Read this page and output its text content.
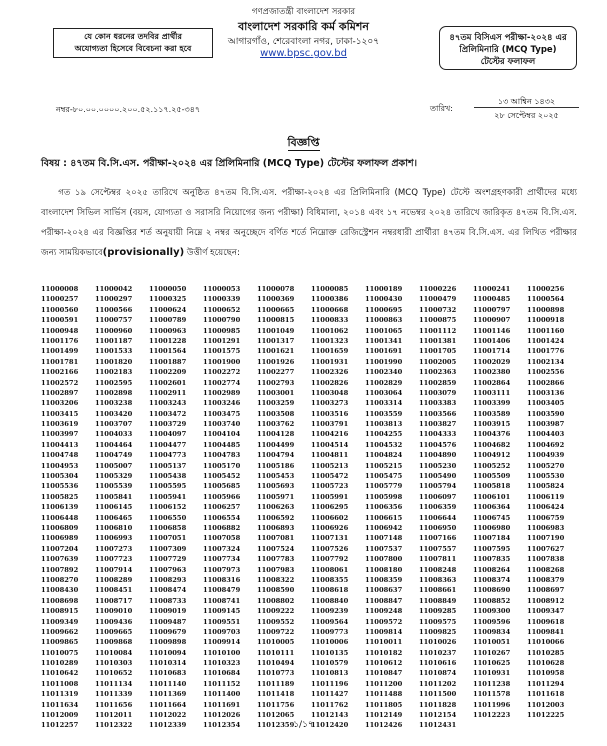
গণপ্রজাতন্ত্রী বাংলাদেশ সরকার
বাংলাদেশ সরকারি কর্ম কমিশন
আগারগাঁও, শেরেবাংলা নগর, ঢাকা-১২০৭
www.bpsc.gov.bd
যে কোন ধরনের তদবির প্রার্থীর
অযোগ্যতা হিসেবে বিবেচনা করা হবে
৪৭তম বিসিএস পরীক্ষা-২০২৪ এর
প্রিলিমিনারি (MCQ Type)
টেস্টের ফলাফল
নম্বর-৮০.০০.০০০০.২০০.৫২.১১৭.২৫-৩৪৭	তারিখ:
১৩ আশ্বিন ১৪৩২
২৮ সেপ্টেম্বর ২০২৫
বিজ্ঞপ্তি
বিষয় : ৪৭তম বি.সি.এস. পরীক্ষা-২০২৪ এর প্রিলিমিনারি (MCQ Type) টেস্টের ফলাফল প্রকাশ।
  গত ১৯ সেপ্টেম্বর ২০২৫ তারিখে অনুষ্ঠিত ৪৭তম বি.সি.এস. পরীক্ষা-২০২৪ এর প্রিলিমিনারি (MCQ Type) টেস্টে অংশগ্রহণকারী প্রার্থীদের মধ্যে বাংলাদেশ সিভিল সার্ভিস (বয়স, যোগ্যতা ও সরাসরি নিয়োগের জন্য পরীক্ষা) বিধিমালা, ২০১৪ এবং ১৭ নভেম্বর ২০২৪ তারিখে জারিকৃত ৪৭তম বি.সি.এস. পরীক্ষা-২০২৪ এর বিজ্ঞপ্তির শর্ত অনুযায়ী নিম্নে ২ নম্বর অনুচ্ছেদে বর্ণিত শর্তে নিম্নোক্ত রেজিস্ট্রেশন নম্বরধারী প্রার্থীরা ৪৭তম বি.সি.এস. এর লিখিত পরীক্ষার জন্য সাময়িকভাবে(provisionally) উত্তীর্ণ হয়েছেন:
11000008	11000042	11000050	11000053	11000078	11000085	11000189	11000226	11000241	11000256
11000257	11000297	11000325	11000339	11000369	11000386	11000430	11000479	11000485	11000564
11000560	11000566	11000624	11000652	11000665	11000668	11000695	11000732	11000797	11000898
11000591	11000757	11000789	11000790	11000815	11000833	11000863	11000875	11000907	11000918
11000948	11000960	11000963	11000985	11001049	11001062	11001065	11001112	11001146	11001160
11001176	11001187	11001228	11001291	11001317	11001323	11001341	11001381	11001406	11001424
11001499	11001533	11001564	11001575	11001621	11001659	11001691	11001705	11001714	11001776
11001781	11001820	11001887	11001900	11001926	11001931	11001990	11002005	11002029	11002134
11002166	11002183	11002209	11002272	11002277	11002326	11002340	11002363	11002380	11002556
11002572	11002595	11002601	11002774	11002793	11002826	11002829	11002859	11002864	11002866
11002897	11002898	11002911	11002989	11003001	11003048	11003064	11003079	11003111	11003136
11003206	11003238	11003243	11003246	11003259	11003273	11003314	11003383	11003399	11003405
11003415	11003420	11003472	11003475	11003508	11003516	11003559	11003566	11003589	11003590
11003619	11003707	11003729	11003740	11003762	11003791	11003813	11003827	11003915	11003987
11003997	11004033	11004097	11004104	11004128	11004216	11004255	11004333	11004376	11004403
11004413	11004464	11004477	11004485	11004499	11004514	11004532	11004576	11004682	11004692
11004748	11004749	11004773	11004783	11004794	11004811	11004824	11004890	11004912	11004939
11004953	11005007	11005137	11005170	11005186	11005213	11005215	11005230	11005252	11005270
11005304	11005329	11005438	11005452	11005453	11005472	11005475	11005490	11005509	11005530
11005536	11005539	11005595	11005685	11005693	11005723	11005779	11005794	11005818	11005824
11005825	11005841	11005941	11005966	11005971	11005991	11005998	11006097	11006101	11006119
11006139	11006145	11006152	11006257	11006263	11006295	11006356	11006359	11006364	11006424
11006448	11006465	11006550	11006554	11006592	11006602	11006615	11006644	11006745	11006759
11006809	11006810	11006858	11006882	11006893	11006926	11006942	11006950	11006980	11006983
11006989	11006993	11007051	11007058	11007081	11007131	11007148	11007166	11007184	11007190
11007204	11007273	11007309	11007324	11007524	11007526	11007537	11007557	11007595	11007627
11007639	11007723	11007729	11007734	11007783	11007792	11007800	11007811	11007835	11007838
11007892	11007914	11007963	11007973	11007983	11008061	11008180	11008248	11008264	11008268
11008270	11008289	11008293	11008316	11008322	11008355	11008359	11008363	11008374	11008379
11008430	11008451	11008474	11008479	11008590	11008618	11008637	11008661	11008690	11008697
11008698	11008717	11008733	11008741	11008802	11008840	11008847	11008849	11008852	11008912
11008915	11009010	11009019	11009145	11009222	11009239	11009248	11009285	11009300	11009347
11009349	11009436	11009487	11009551	11009552	11009564	11009572	11009575	11009596	11009618
11009662	11009665	11009679	11009703	11009722	11009773	11009814	11009825	11009834	11009841
11009865	11009868	11009898	11009914	11010005	11010006	11010011	11010026	11010051	11010066
11010075	11010084	11010094	11010100	11010111	11010135	11010182	11010237	11010267	11010285
11010289	11010303	11010314	11010323	11010494	11010579	11010612	11010616	11010625	11010628
11010642	11010652	11010683	11010684	11010773	11010813	11010847	11010874	11010931	11010958
11011008	11011134	11011140	11011152	11011189	11011196	11011200	11011202	11011238	11011294
11011319	11011339	11011369	11011400	11011418	11011427	11011488	11011500	11011578	11011618
11011634	11011656	11011664	11011691	11011756	11011762	11011805	11011828	11011996	11012003
11012009	11012011	11012022	11012026	11012065	11012143	11012149	11012154	11012223	11012225
11012257	11012322	11012339	11012354	11012359	11012420	11012426	11012431
১/১৭
